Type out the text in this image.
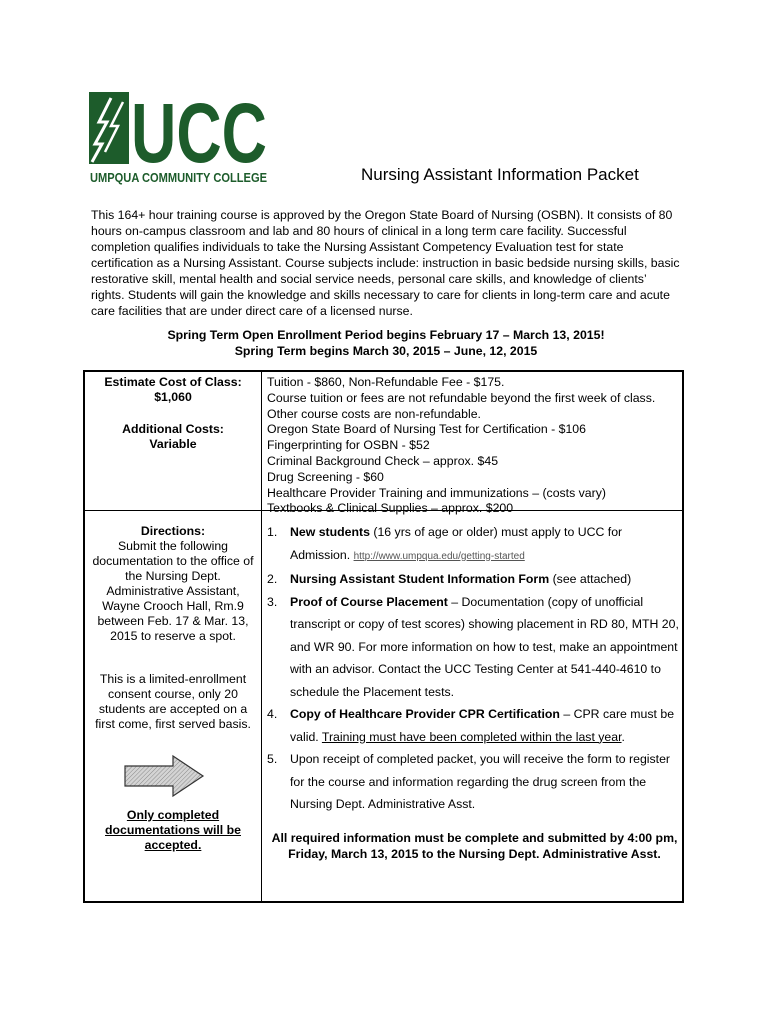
UCC
UMPQUA COMMUNITY COLLEGE	Nursing Assistant Information Packet

This 164+ hour training course is approved by the Oregon State Board of Nursing (OSBN). It consists of 80 hours on-campus classroom and lab and 80 hours of clinical in a long term care facility. Successful completion qualifies individuals to take the Nursing Assistant Competency Evaluation test for state certification as a Nursing Assistant. Course subjects include: instruction in basic bedside nursing skills, basic restorative skill, mental health and social service needs, personal care skills, and knowledge of clients’ rights. Students will gain the knowledge and skills necessary to care for clients in long-term care and acute care facilities that are under direct care of a licensed nurse.

Spring Term Open Enrollment Period begins February 17 – March 13, 2015!
Spring Term begins March 30, 2015 – June, 12, 2015
Estimate Cost of Class:
$1,060
Additional Costs:
Variable
Tuition - $860, Non-Refundable Fee - $175.
Course tuition or fees are not refundable beyond the first week of class.
Other course costs are non-refundable.
Oregon State Board of Nursing Test for Certification - $106
Fingerprinting for OSBN - $52
Criminal Background Check – approx. $45
Drug Screening - $60
Healthcare Provider Training and immunizations – (costs vary)
Textbooks & Clinical Supplies – approx. $200
Directions:
Submit the following documentation to the office of the Nursing Dept. Administrative Assistant, Wayne Crooch Hall, Rm.9 between Feb. 17 & Mar. 13, 2015 to reserve a spot.
This is a limited-enrollment consent course, only 20 students are accepted on a first come, first served basis.
Only completed documentations will be accepted.
1. New students (16 yrs of age or older) must apply to UCC for Admission. http://www.umpqua.edu/getting-started
2. Nursing Assistant Student Information Form (see attached)
3. Proof of Course Placement – Documentation (copy of unofficial transcript or copy of test scores) showing placement in RD 80, MTH 20, and WR 90. For more information on how to test, make an appointment with an advisor. Contact the UCC Testing Center at 541-440-4610 to schedule the Placement tests.
4. Copy of Healthcare Provider CPR Certification – CPR care must be valid. Training must have been completed within the last year.
5. Upon receipt of completed packet, you will receive the form to register for the course and information regarding the drug screen from the Nursing Dept. Administrative Asst.
All required information must be complete and submitted by 4:00 pm, Friday, March 13, 2015 to the Nursing Dept. Administrative Asst.
